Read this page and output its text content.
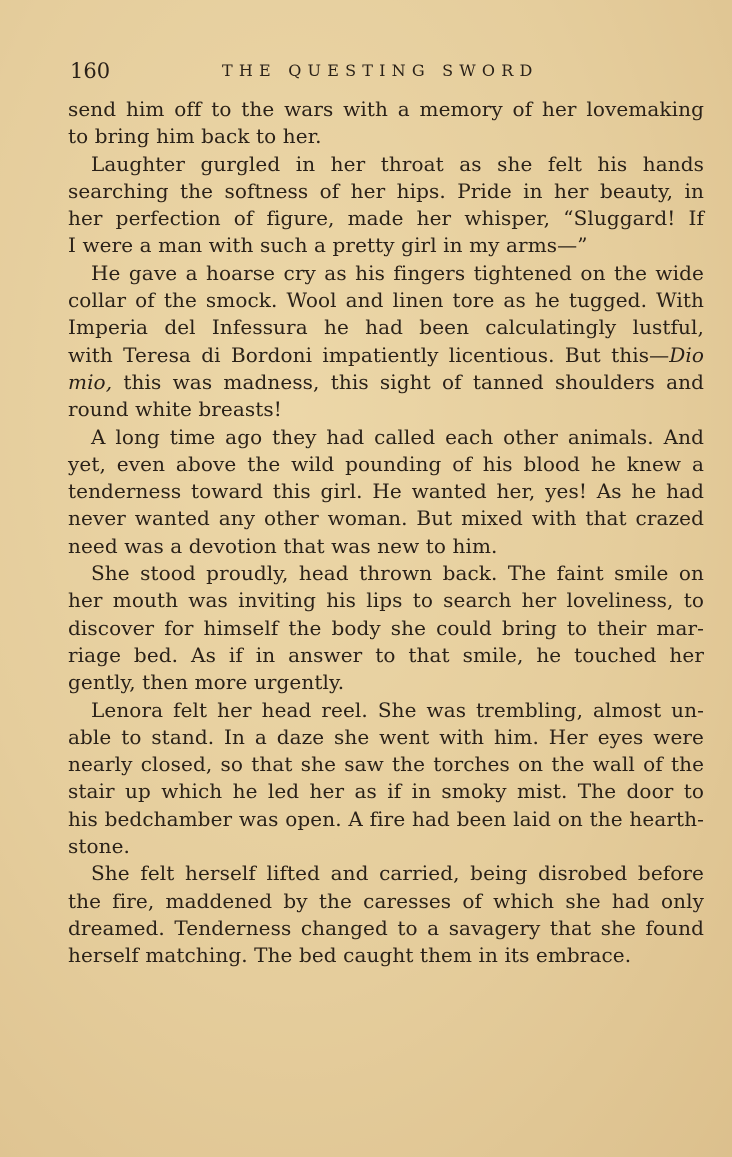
160	THE QUESTING SWORD

send him off to the wars with a memory of her lovemaking
to bring him back to her.

Laughter gurgled in her throat as she felt his hands
searching the softness of her hips. Pride in her beauty, in
her perfection of figure, made her whisper, “Sluggard! If
I were a man with such a pretty girl in my arms—”

He gave a hoarse cry as his fingers tightened on the wide
collar of the smock. Wool and linen tore as he tugged. With
Imperia del Infessura he had been calculatingly lustful,
with Teresa di Bordoni impatiently licentious. But this—Dio
mio, this was madness, this sight of tanned shoulders and
round white breasts!

A long time ago they had called each other animals. And
yet, even above the wild pounding of his blood he knew a
tenderness toward this girl. He wanted her, yes! As he had
never wanted any other woman. But mixed with that crazed
need was a devotion that was new to him.

She stood proudly, head thrown back. The faint smile on
her mouth was inviting his lips to search her loveliness, to
discover for himself the body she could bring to their mar-
riage bed. As if in answer to that smile, he touched her
gently, then more urgently.

Lenora felt her head reel. She was trembling, almost un-
able to stand. In a daze she went with him. Her eyes were
nearly closed, so that she saw the torches on the wall of the
stair up which he led her as if in smoky mist. The door to
his bedchamber was open. A fire had been laid on the hearth-
stone.

She felt herself lifted and carried, being disrobed before
the fire, maddened by the caresses of which she had only
dreamed. Tenderness changed to a savagery that she found
herself matching. The bed caught them in its embrace.
